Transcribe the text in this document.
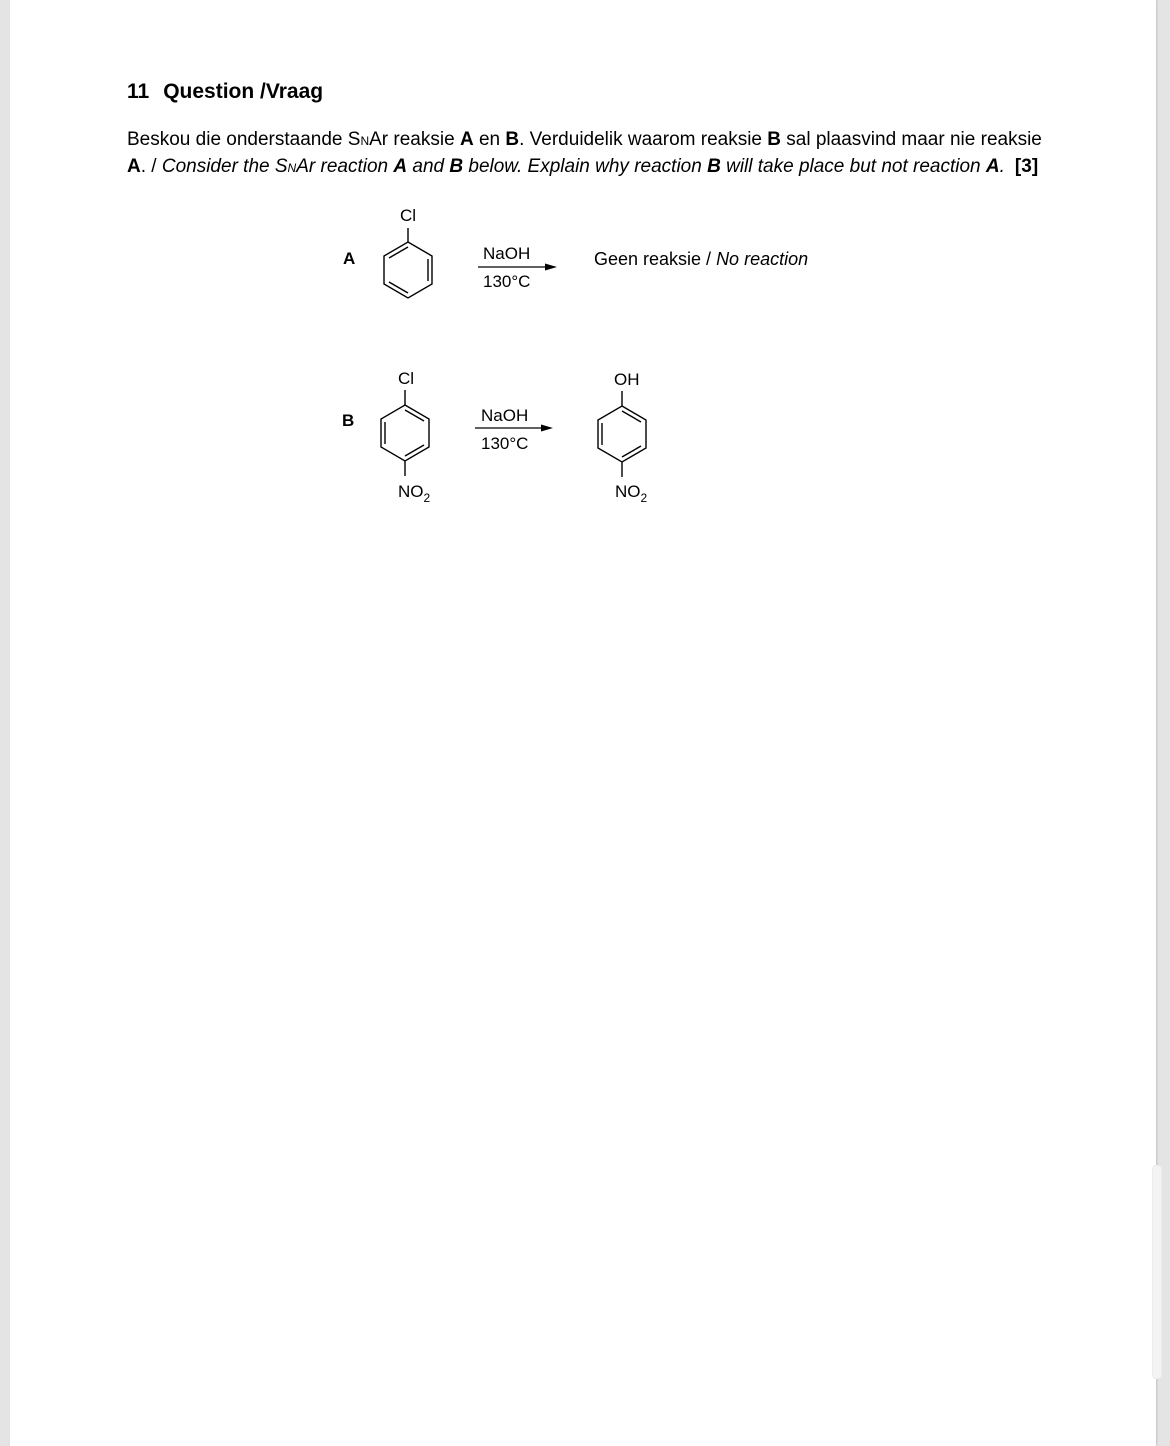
11 Question /Vraag
Beskou die onderstaande SNAr reaksie A en B. Verduidelik waarom reaksie B sal plaasvind maar nie reaksie
A. / Consider the SNAr reaction A and B below. Explain why reaction B will take place but not reaction A. [3]
A
Cl
NaOH
130°C
Geen reaksie / No reaction
B
Cl
$NO_2$
NaOH
130°C
OH
$NO_2$
